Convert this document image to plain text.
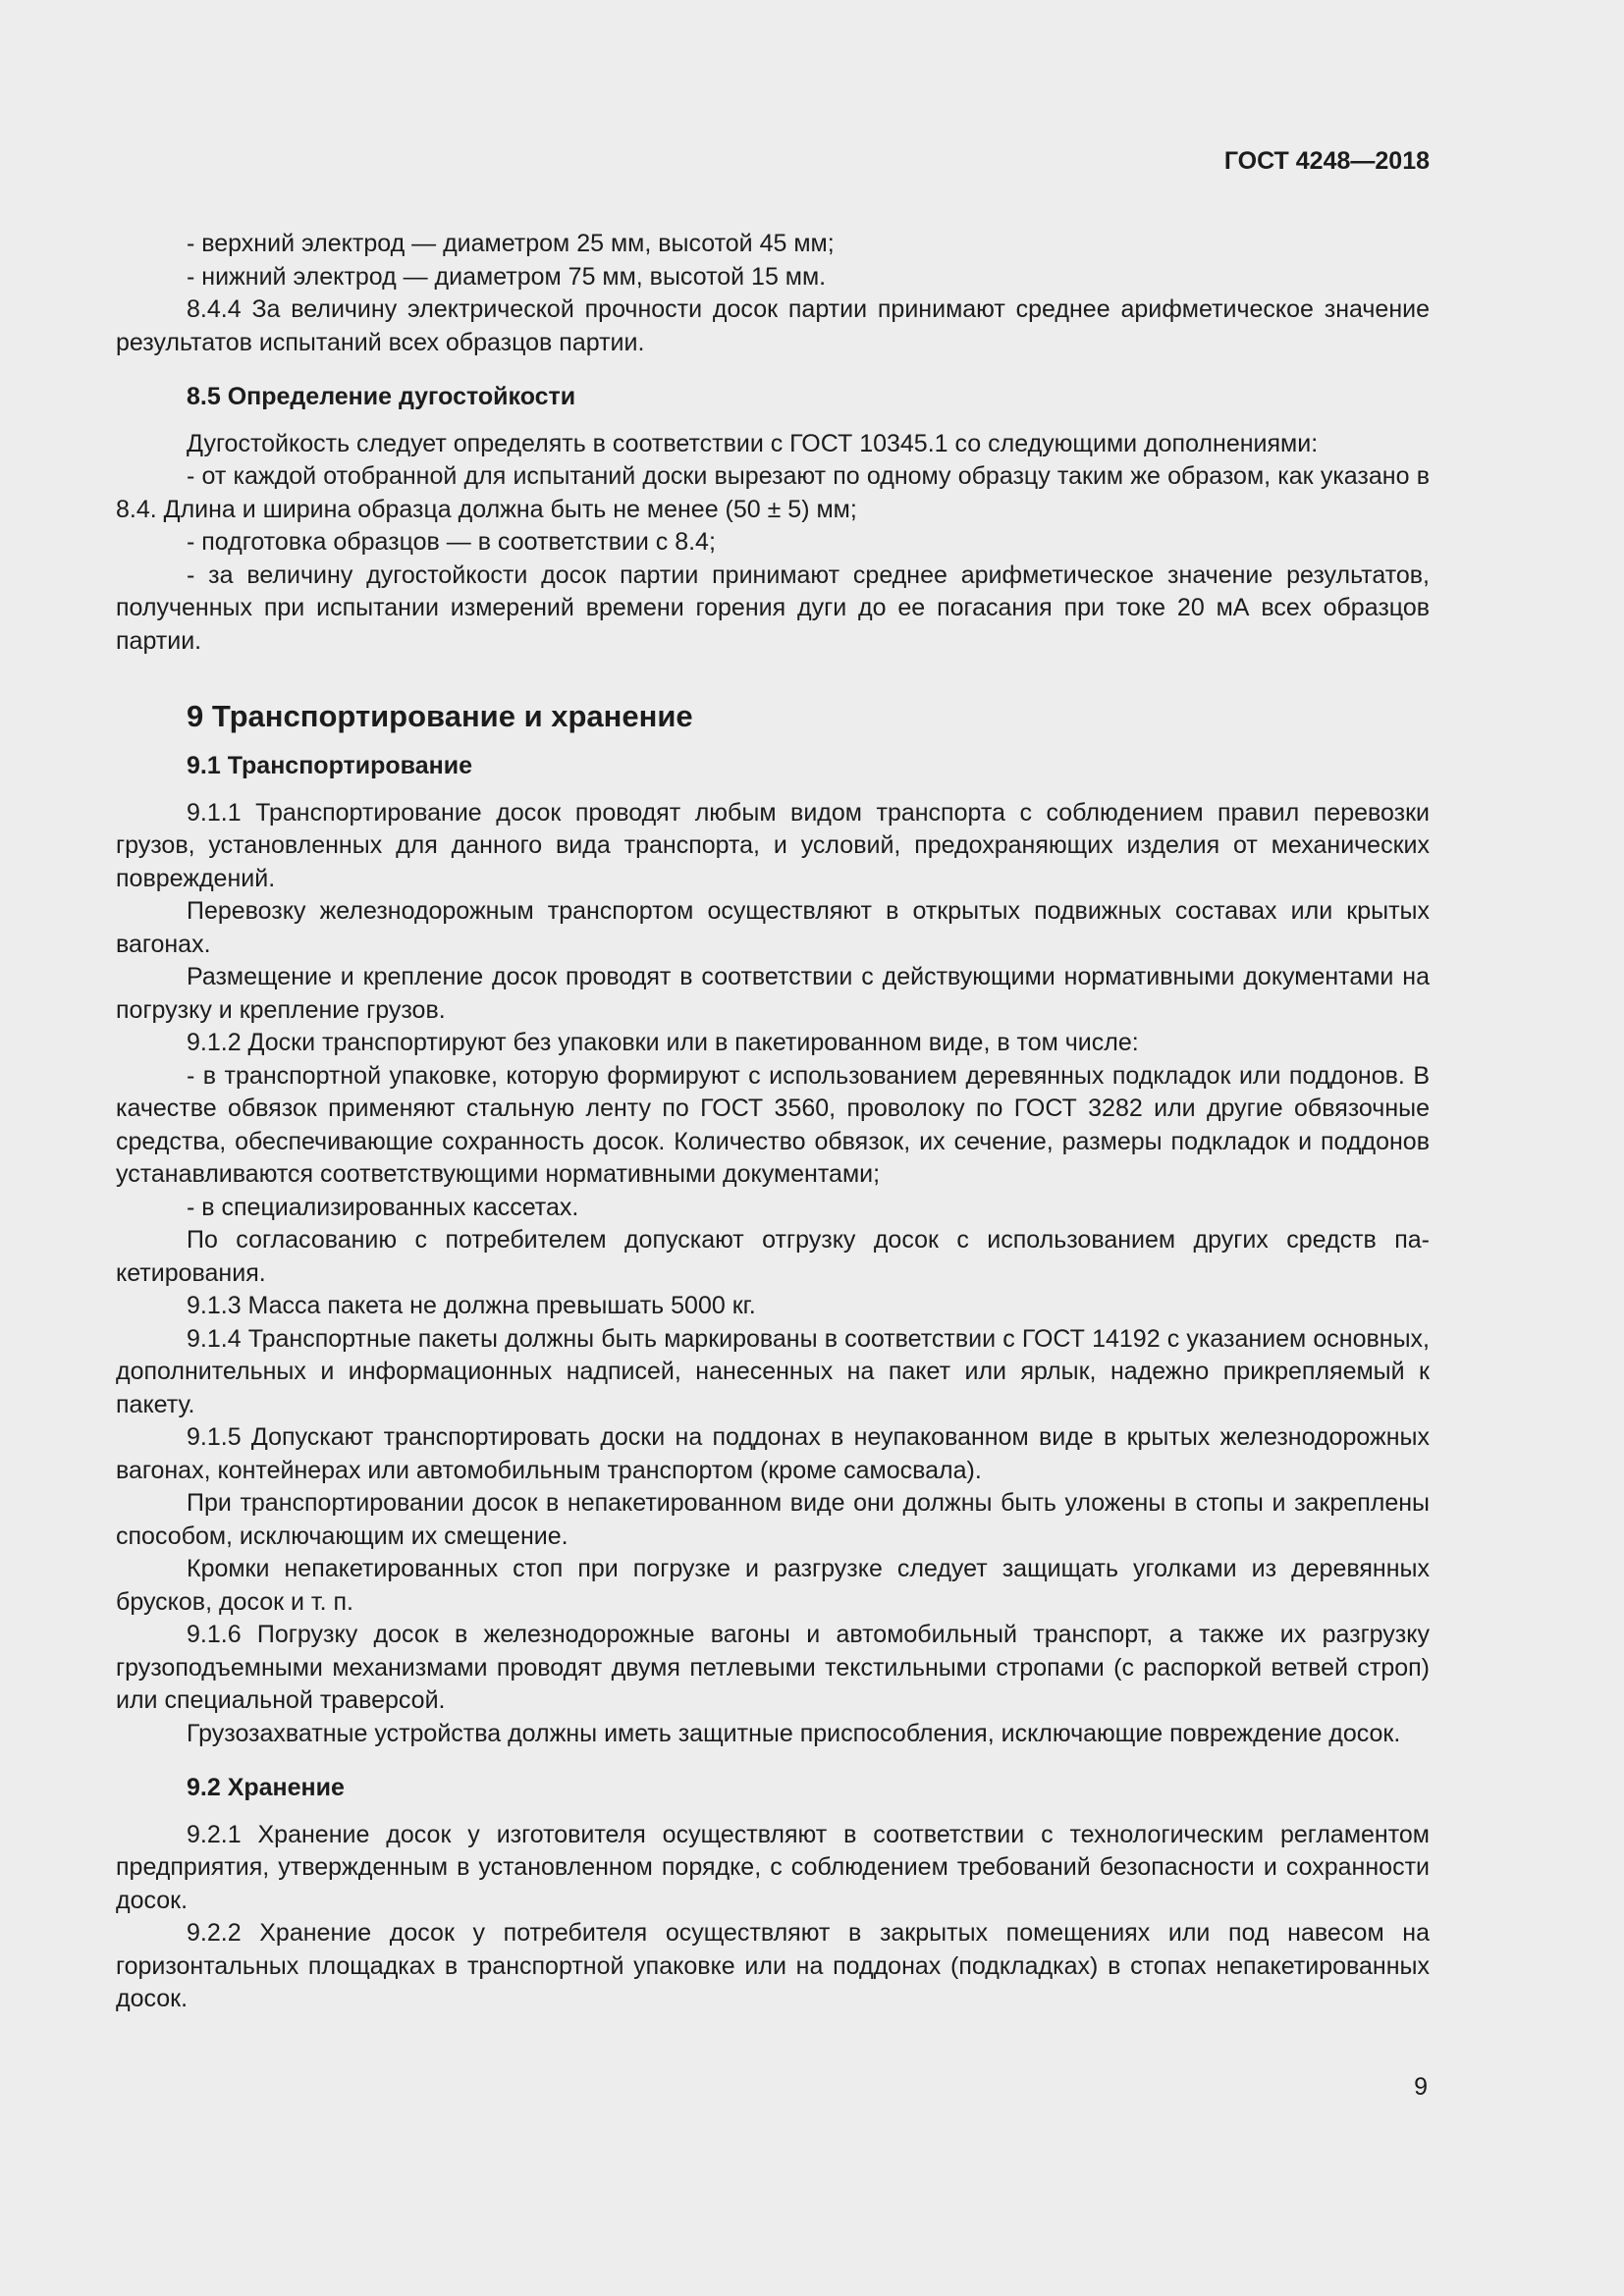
ГОСТ 4248—2018

- верхний электрод — диаметром 25 мм, высотой 45 мм;

- нижний электрод — диаметром 75 мм, высотой 15 мм.

8.4.4 За величину электрической прочности досок партии принимают среднее арифметическое значение результатов испытаний всех образцов партии.

8.5 Определение дугостойкости

Дугостойкость следует определять в соответствии с ГОСТ 10345.1 со следующими дополнениями:

- от каждой отобранной для испытаний доски вырезают по одному образцу таким же образом, как указано в 8.4. Длина и ширина образца должна быть не менее (50 ± 5) мм;

- подготовка образцов — в соответствии с 8.4;

- за величину дугостойкости досок партии принимают среднее арифметическое значение результатов, полученных при испытании измерений времени горения дуги до ее погасания при токе 20 мА всех образцов партии.

9 Транспортирование и хранение
9.1 Транспортирование

9.1.1 Транспортирование досок проводят любым видом транспорта с соблюдением правил перевозки грузов, установленных для данного вида транспорта, и условий, предохраняющих изделия от механических повреждений.

Перевозку железнодорожным транспортом осуществляют в открытых подвижных составах или крытых вагонах.

Размещение и крепление досок проводят в соответствии с действующими нормативными документами на погрузку и крепление грузов.

9.1.2 Доски транспортируют без упаковки или в пакетированном виде, в том числе:

- в транспортной упаковке, которую формируют с использованием деревянных подкладок или поддонов. В качестве обвязок применяют стальную ленту по ГОСТ 3560, проволоку по ГОСТ 3282 или другие обвязочные средства, обеспечивающие сохранность досок. Количество обвязок, их сечение, размеры подкладок и поддонов устанавливаются соответствующими нормативными документами;

- в специализированных кассетах.

По согласованию с потребителем допускают отгрузку досок с использованием других средств пакетирования.

9.1.3 Масса пакета не должна превышать 5000 кг.

9.1.4 Транспортные пакеты должны быть маркированы в соответствии с ГОСТ 14192 с указанием основных, дополнительных и информационных надписей, нанесенных на пакет или ярлык, надежно прикрепляемый к пакету.

9.1.5 Допускают транспортировать доски на поддонах в неупакованном виде в крытых железнодорожных вагонах, контейнерах или автомобильным транспортом (кроме самосвала).

При транспортировании досок в непакетированном виде они должны быть уложены в стопы и закреплены способом, исключающим их смещение.

Кромки непакетированных стоп при погрузке и разгрузке следует защищать уголками из деревянных брусков, досок и т. п.

9.1.6 Погрузку досок в железнодорожные вагоны и автомобильный транспорт, а также их разгрузку грузоподъемными механизмами проводят двумя петлевыми текстильными стропами (с распоркой ветвей строп) или специальной траверсой.

Грузозахватные устройства должны иметь защитные приспособления, исключающие повреждение досок.

9.2 Хранение

9.2.1 Хранение досок у изготовителя осуществляют в соответствии с технологическим регламентом предприятия, утвержденным в установленном порядке, с соблюдением требований безопасности и сохранности досок.

9.2.2 Хранение досок у потребителя осуществляют в закрытых помещениях или под навесом на горизонтальных площадках в транспортной упаковке или на поддонах (подкладках) в стопах непакетированных досок.

9
